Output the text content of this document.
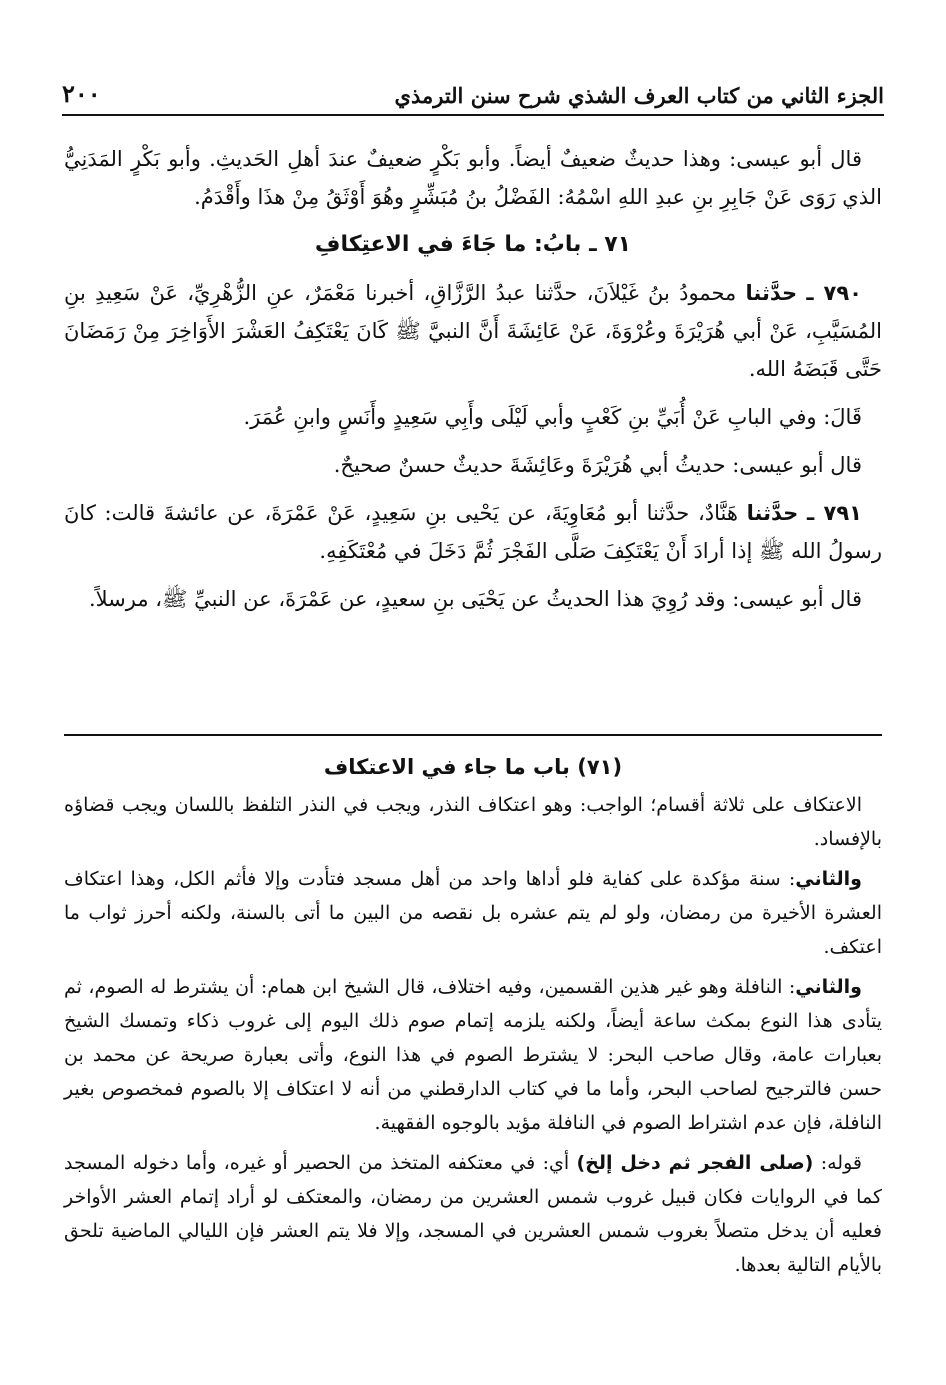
الجزء الثاني من كتاب العرف الشذي شرح سنن الترمذي
٢٠٠

قال أبو عيسى: وهذا حديثٌ ضعيفٌ أيضاً. وأبو بَكْرٍ ضعيفٌ عندَ أهلِ الحَديثِ. وأبو بَكْرٍ المَدَنِيُّ الذي رَوَى عَنْ جَابِرِ بنِ عبدِ اللهِ اسْمُهُ: الفَضْلُ بنُ مُبَشِّرٍ وهُوَ أَوْثَقُ مِنْ هذَا وأَقْدَمُ.

٧١ ـ بابُ: ما جَاءَ في الاعتِكافِ

٧٩٠ ـ حدَّثنا محمودُ بنُ غَيْلاَنَ، حدَّثنا عبدُ الرَّزَّاقِ، أخبرنا مَعْمَرٌ، عنِ الزُّهْرِيِّ، عَنْ سَعِيدِ بنِ المُسَيَّبِ، عَنْ أبي هُرَيْرَةَ وعُرْوَةَ، عَنْ عَائِشَةَ أَنَّ النبيَّ ﷺ كَانَ يَعْتَكِفُ العَشْرَ الأَوَاخِرَ مِنْ رَمَضَانَ حَتَّى قَبَضَهُ الله.

قَالَ: وفي البابِ عَنْ أُبَيِّ بنِ كَعْبٍ وأبي لَيْلَى وأَبِي سَعِيدٍ وأَنَسٍ وابنِ عُمَرَ.

قال أبو عيسى: حديثُ أبي هُرَيْرَةَ وعَائِشَةَ حديثٌ حسنٌ صحيحٌ.

٧٩١ ـ حدَّثنا هَنَّادٌ، حدَّثنا أبو مُعَاوِيَةَ، عن يَحْيى بنِ سَعِيدٍ، عَنْ عَمْرَةَ، عن عائشةَ قالت: كانَ رسولُ الله ﷺ إذا أرادَ أَنْ يَعْتَكِفَ صَلَّى الفَجْرَ ثُمَّ دَخَلَ في مُعْتَكَفِهِ.

قال أبو عيسى: وقد رُوِيَ هذا الحديثُ عن يَحْيَى بنِ سعيدٍ، عن عَمْرَةَ، عن النبيِّ ﷺ، مرسلاً.

(٧١) باب ما جاء في الاعتكاف

الاعتكاف على ثلاثة أقسام؛ الواجب: وهو اعتكاف النذر، ويجب في النذر التلفظ باللسان ويجب قضاؤه بالإفساد.

والثاني: سنة مؤكدة على كفاية فلو أداها واحد من أهل مسجد فتأدت وإلا فأثم الكل، وهذا اعتكاف العشرة الأخيرة من رمضان، ولو لم يتم عشره بل نقصه من البين ما أتى بالسنة، ولكنه أحرز ثواب ما اعتكف.

والثاني: النافلة وهو غير هذين القسمين، وفيه اختلاف، قال الشيخ ابن همام: أن يشترط له الصوم، ثم يتأدى هذا النوع بمكث ساعة أيضاً، ولكنه يلزمه إتمام صوم ذلك اليوم إلى غروب ذكاء وتمسك الشيخ بعبارات عامة، وقال صاحب البحر: لا يشترط الصوم في هذا النوع، وأتى بعبارة صريحة عن محمد بن حسن فالترجيح لصاحب البحر، وأما ما في كتاب الدارقطني من أنه لا اعتكاف إلا بالصوم فمخصوص بغير النافلة، فإن عدم اشتراط الصوم في النافلة مؤيد بالوجوه الفقهية.

قوله: (صلى الفجر ثم دخل إلخ) أي: في معتكفه المتخذ من الحصير أو غيره، وأما دخوله المسجد كما في الروايات فكان قبيل غروب شمس العشرين من رمضان، والمعتكف لو أراد إتمام العشر الأواخر فعليه أن يدخل متصلاً بغروب شمس العشرين في المسجد، وإلا فلا يتم العشر فإن الليالي الماضية تلحق بالأيام التالية بعدها.
